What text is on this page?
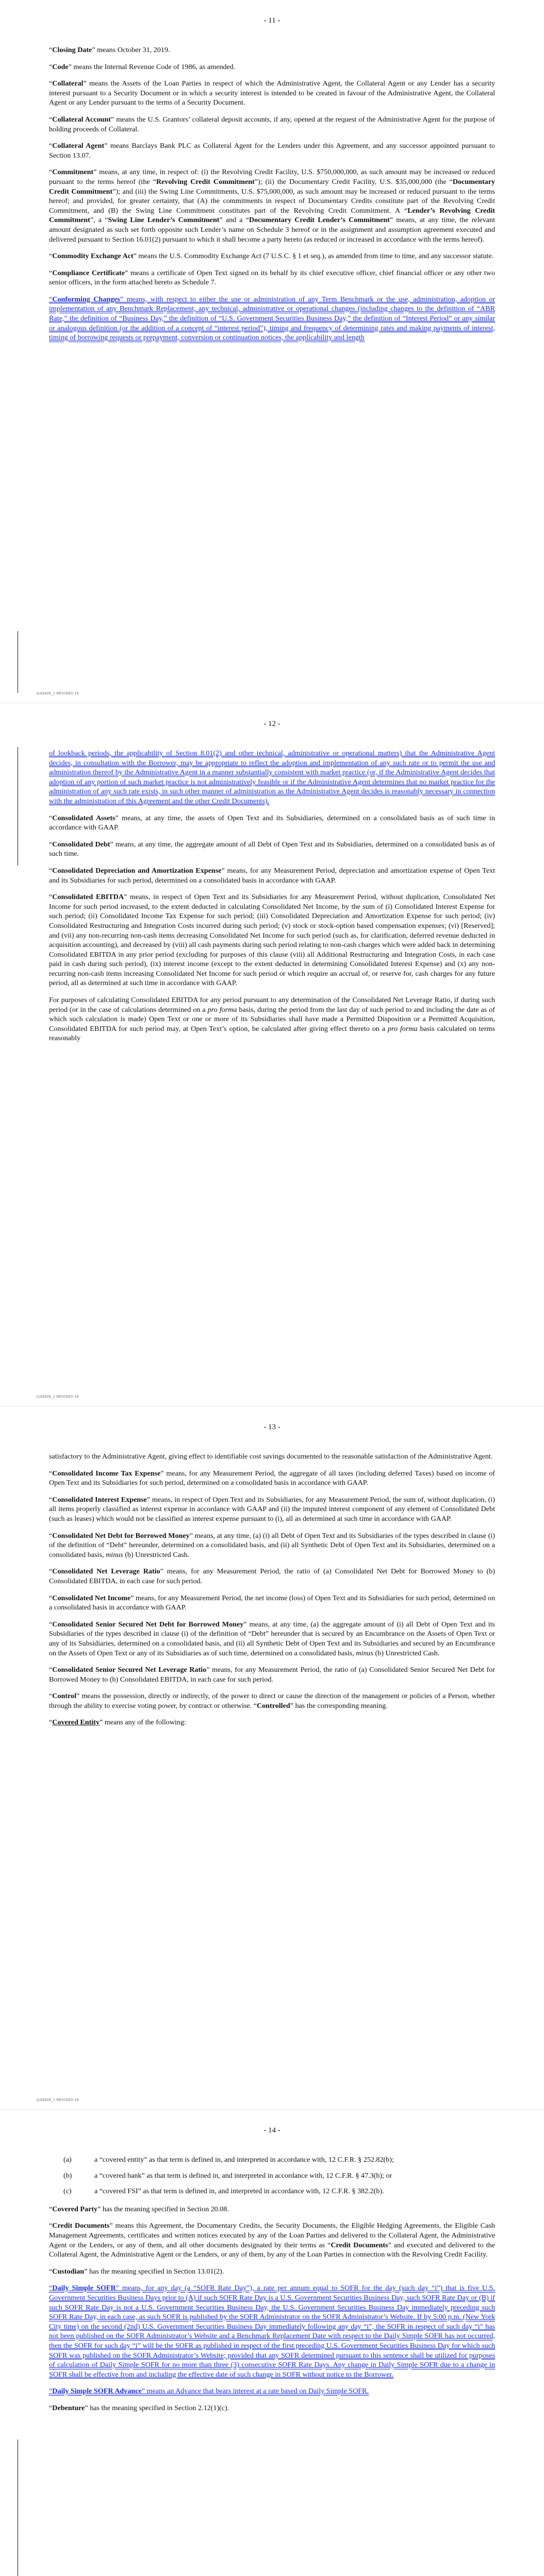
- 11 -

“Closing Date” means October 31, 2019.

“Code” means the Internal Revenue Code of 1986, as amended.

“Collateral” means the Assets of the Loan Parties in respect of which the Administrative Agent, the Collateral Agent or any Lender has a security interest pursuant to a Security Document or in which a security interest is intended to be created in favour of the Administrative Agent, the Collateral Agent or any Lender pursuant to the terms of a Security Document.

“Collateral Account” means the U.S. Grantors’ collateral deposit accounts, if any, opened at the request of the Administrative Agent for the purpose of holding proceeds of Collateral.

“Collateral Agent” means Barclays Bank PLC as Collateral Agent for the Lenders under this Agreement, and any successor appointed pursuant to Section 13.07.

“Commitment” means, at any time, in respect of: (i) the Revolving Credit Facility, U.S. $750,000,000, as such amount may be increased or reduced pursuant to the terms hereof (the “Revolving Credit Commitment”); (ii) the Documentary Credit Facility, U.S. $35,000,000 (the “Documentary Credit Commitment”); and (iii) the Swing Line Commitments, U.S. $75,000,000, as such amount may be increased or reduced pursuant to the terms hereof; and provided, for greater certainty, that (A) the commitments in respect of Documentary Credits constitute part of the Revolving Credit Commitment, and (B) the Swing Line Commitment constitutes part of the Revolving Credit Commitment. A “Lender’s Revolving Credit Commitment”, a “Swing Line Lender’s Commitment” and a “Documentary Credit Lender’s Commitment” means, at any time, the relevant amount designated as such set forth opposite such Lender’s name on Schedule 3 hereof or in the assignment and assumption agreement executed and delivered pursuant to Section 16.01(2) pursuant to which it shall become a party hereto (as reduced or increased in accordance with the terms hereof).

“Commodity Exchange Act” means the U.S. Commodity Exchange Act (7 U.S.C. § 1 et seq.), as amended from time to time, and any successor statute.

“Compliance Certificate” means a certificate of Open Text signed on its behalf by its chief executive officer, chief financial officer or any other two senior officers, in the form attached hereto as Schedule 7.

“Conforming Changes” means, with respect to either the use or administration of any Term Benchmark or the use, administration, adoption or implementation of any Benchmark Replacement, any technical, administrative or operational changes (including changes to the definition of “ABR Rate,” the definition of “Business Day,” the definition of “U.S. Government Securities Business Day,” the definition of “Interest Period” or any similar or analogous definition (or the addition of a concept of “interest period”), timing and frequency of determining rates and making payments of interest, timing of borrowing requests or prepayment, conversion or continuation notices, the applicability and length

1163426_1 REVISED 16
- 12 -

of lookback periods, the applicability of Section 8.01(2) and other technical, administrative or operational matters) that the Administrative Agent decides, in consultation with the Borrower, may be appropriate to reflect the adoption and implementation of any such rate or to permit the use and administration thereof by the Administrative Agent in a manner substantially consistent with market practice (or, if the Administrative Agent decides that adoption of any portion of such market practice is not administratively feasible or if the Administrative Agent determines that no market practice for the administration of any such rate exists, in such other manner of administration as the Administrative Agent decides is reasonably necessary in connection with the administration of this Agreement and the other Credit Documents).

“Consolidated Assets” means, at any time, the assets of Open Text and its Subsidiaries, determined on a consolidated basis as of such time in accordance with GAAP.

“Consolidated Debt” means, at any time, the aggregate amount of all Debt of Open Text and its Subsidiaries, determined on a consolidated basis as of such time.

“Consolidated Depreciation and Amortization Expense” means, for any Measurement Period, depreciation and amortization expense of Open Text and its Subsidiaries for such period, determined on a consolidated basis in accordance with GAAP.

“Consolidated EBITDA” means, in respect of Open Text and its Subsidiaries for any Measurement Period, without duplication, Consolidated Net Income for such period increased, to the extent deducted in calculating Consolidated Net Income, by the sum of (i) Consolidated Interest Expense for such period; (ii) Consolidated Income Tax Expense for such period; (iii) Consolidated Depreciation and Amortization Expense for such period; (iv) Consolidated Restructuring and Integration Costs incurred during such period; (v) stock or stock-option based compensation expenses; (vi) [Reserved]; and (vii) any non-recurring non-cash items decreasing Consolidated Net Income for such period (such as, for clarification, deferred revenue deducted in acquisition accounting), and decreased by (viii) all cash payments during such period relating to non-cash charges which were added back in determining Consolidated EBITDA in any prior period (excluding for purposes of this clause (viii) all Additional Restructuring and Integration Costs, in each case paid in cash during such period), (ix) interest income (except to the extent deducted in determining Consolidated Interest Expense) and (x) any non-recurring non-cash items increasing Consolidated Net Income for such period or which require an accrual of, or reserve for, cash charges for any future period, all as determined at such time in accordance with GAAP.

For purposes of calculating Consolidated EBITDA for any period pursuant to any determination of the Consolidated Net Leverage Ratio, if during such period (or in the case of calculations determined on a pro forma basis, during the period from the last day of such period to and including the date as of which such calculation is made) Open Text or one or more of its Subsidiaries shall have made a Permitted Disposition or a Permitted Acquisition, Consolidated EBITDA for such period may, at Open Text’s option, be calculated after giving effect thereto on a pro forma basis calculated on terms reasonably

1163426_1 REVISED 16
- 13 -

satisfactory to the Administrative Agent, giving effect to identifiable cost savings documented to the reasonable satisfaction of the Administrative Agent.

“Consolidated Income Tax Expense” means, for any Measurement Period, the aggregate of all taxes (including deferred Taxes) based on income of Open Text and its Subsidiaries for such period, determined on a consolidated basis in accordance with GAAP.

“Consolidated Interest Expense” means, in respect of Open Text and its Subsidiaries, for any Measurement Period, the sum of, without duplication, (i) all items properly classified as interest expense in accordance with GAAP and (ii) the imputed interest component of any element of Consolidated Debt (such as leases) which would not be classified as interest expense pursuant to (i), all as determined at such time in accordance with GAAP.

“Consolidated Net Debt for Borrowed Money” means, at any time, (a) (i) all Debt of Open Text and its Subsidiaries of the types described in clause (i) of the definition of “Debt” hereunder, determined on a consolidated basis, and (ii) all Synthetic Debt of Open Text and its Subsidiaries, determined on a consolidated basis, minus (b) Unrestricted Cash.

“Consolidated Net Leverage Ratio” means, for any Measurement Period, the ratio of (a) Consolidated Net Debt for Borrowed Money to (b) Consolidated EBITDA, in each case for such period.

“Consolidated Net Income” means, for any Measurement Period, the net income (loss) of Open Text and its Subsidiaries for such period, determined on a consolidated basis in accordance with GAAP.

“Consolidated Senior Secured Net Debt for Borrowed Money” means, at any time, (a) the aggregate amount of (i) all Debt of Open Text and its Subsidiaries of the types described in clause (i) of the definition of “Debt” hereunder that is secured by an Encumbrance on the Assets of Open Text or any of its Subsidiaries, determined on a consolidated basis, and (ii) all Synthetic Debt of Open Text and its Subsidiaries and secured by an Encumbrance on the Assets of Open Text or any of its Subsidiaries as of such time, determined on a consolidated basis, minus (b) Unrestricted Cash.

“Consolidated Senior Secured Net Leverage Ratio” means, for any Measurement Period, the ratio of (a) Consolidated Senior Secured Net Debt for Borrowed Money to (b) Consolidated EBITDA, in each case for such period.

“Control” means the possession, directly or indirectly, of the power to direct or cause the direction of the management or policies of a Person, whether through the ability to exercise voting power, by contract or otherwise. “Controlled” has the corresponding meaning.

“Covered Entity” means any of the following:

1163426_1 REVISED 16
- 14 -
(a)	a “covered entity” as that term is defined in, and interpreted in accordance with, 12 C.F.R. § 252.82(b);
(b)	a “covered bank” as that term is defined in, and interpreted in accordance with, 12 C.F.R. § 47.3(b); or
(c)	a “covered FSI” as that term is defined in, and interpreted in accordance with, 12 C.F.R. § 382.2(b).

“Covered Party” has the meaning specified in Section 20.08.

“Credit Documents” means this Agreement, the Documentary Credits, the Security Documents, the Eligible Hedging Agreements, the Eligible Cash Management Agreements, certificates and written notices executed by any of the Loan Parties and delivered to the Collateral Agent, the Administrative Agent or the Lenders, or any of them, and all other documents designated by their terms as “Credit Documents” and executed and delivered to the Collateral Agent, the Administrative Agent or the Lenders, or any of them, by any of the Loan Parties in connection with the Revolving Credit Facility.

“Custodian” has the meaning specified in Section 13.01(2).

“Daily Simple SOFR” means, for any day (a “SOFR Rate Day”), a rate per annum equal to SOFR for the day (such day “i”) that is five U.S. Government Securities Business Days prior to (A) if such SOFR Rate Day is a U.S. Government Securities Business Day, such SOFR Rate Day or (B) if such SOFR Rate Day is not a U.S. Government Securities Business Day, the U.S. Government Securities Business Day immediately preceding such SOFR Rate Day, in each case, as such SOFR is published by the SOFR Administrator on the SOFR Administrator’s Website. If by 5:00 p.m. (New York City time) on the second (2nd) U.S. Government Securities Business Day immediately following any day “i”, the SOFR in respect of such day “i” has not been published on the SOFR Administrator’s Website and a Benchmark Replacement Date with respect to the Daily Simple SOFR has not occurred, then the SOFR for such day “i” will be the SOFR as published in respect of the first preceding U.S. Government Securities Business Day for which such SOFR was published on the SOFR Administrator’s Website; provided that any SOFR determined pursuant to this sentence shall be utilized for purposes of calculation of Daily Simple SOFR for no more than three (3) consecutive SOFR Rate Days. Any change in Daily Simple SOFR due to a change in SOFR shall be effective from and including the effective date of such change in SOFR without notice to the Borrower.

“Daily Simple SOFR Advance” means an Advance that bears interest at a rate based on Daily Simple SOFR.

“Debenture” has the meaning specified in Section 2.12(1)(c).
